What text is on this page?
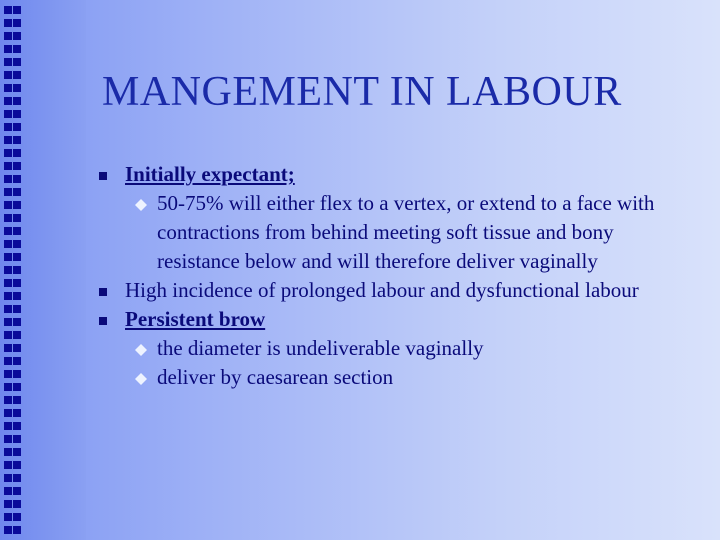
MANGEMENT IN LABOUR
Initially expectant;
50-75% will either flex to a vertex, or extend to a face with contractions from behind meeting soft tissue and bony resistance below and will therefore deliver vaginally
High incidence of prolonged labour and dysfunctional labour
Persistent brow
the diameter is undeliverable vaginally
deliver by caesarean section
